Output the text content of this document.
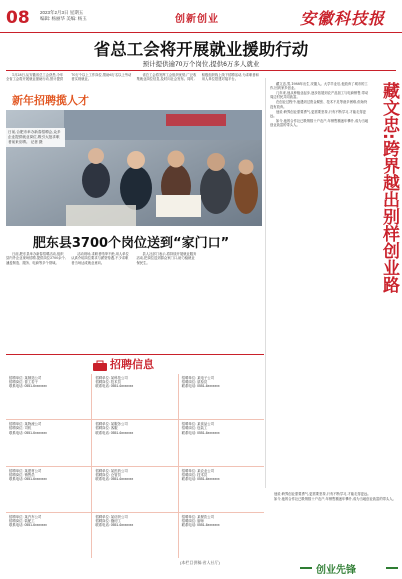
08 2023年2月3日 星期五
编辑: 杨丽华 美编: 杨玉	创新创业	安徽科技报
省总工会将开展就业援助行动
预计提供逾70万个岗位,提供6万多人就业

1月28日,从安徽省总工会获悉,今年全省工会将开展就业援助行动,预计提供70万个以上工作岗位,帮助6万名以上劳动者实现就业。

省总工会将发挥工会组织优势,广泛收集就业岗位信息,及时向社会发布。同时,积极组织线上线下招聘活动,为求职者和用人单位搭建对接平台。

新年招聘揽人才
日前,合肥市举办新春招聘会,众多企业提供就业岗位,吸引大批求职者前来应聘。 记者 摄

藏文忠,男,1988年出生,安徽人。大学毕业后,他放弃了城市的工作,回到家乡创业。

几年来,他从种植业起步,逐步拓展到农产品加工与电商销售,带动周边村民共同致富。

在创业过程中,他遇到过资金紧张、技术不足等诸多困难,但始终没有放弃。

他说:跨界创业需要勇气,更需要坚持,只有不断学习,才能走得更远。

如今,他的合作社已吸纳数十户农户,年销售额逐年攀升,成为当地创业致富的带头人。	藏文忠:跨界越出别样创业路
肥东县3700个岗位送到“家门口”

日前,肥东县举办新春招聘活动,组织县内外企业现场招聘,提供岗位3700余个,涵盖制造、服务、电商等多个领域。

活动现场,求职者络绎不绝,用人单位认真介绍岗位要求与薪资待遇,不少求职者当场达成就业意向。

县人社部门表示,将持续开展就业服务活动,把岗位送到群众家门口,助力稳就业保民生。

招聘信息
招聘单位: 某制造公司
招聘岗位: 普工若干
联系电话: 0551-6xxxxxxx
招聘单位: 某科技公司
招聘岗位: 技术员
联系电话: 0551-6xxxxxxx
招聘单位: 某电子公司
招聘岗位: 质检员
联系电话: 0551-6xxxxxxx
招聘单位: 某物流公司
招聘岗位: 司机
联系电话: 0551-6xxxxxxx
招聘单位: 某服务公司
招聘岗位: 客服
联系电话: 0551-6xxxxxxx
招聘单位: 某食品公司
招聘岗位: 包装工
联系电话: 0551-6xxxxxxx
招聘单位: 某建材公司
招聘岗位: 销售员
联系电话: 0551-6xxxxxxx
招聘单位: 某医药公司
招聘岗位: 仓管员
联系电话: 0551-6xxxxxxx
招聘单位: 某农业公司
招聘岗位: 技术员
联系电话: 0551-6xxxxxxx
招聘单位: 某汽车公司
招聘岗位: 装配工
联系电话: 0551-6xxxxxxx
招聘单位: 某纺织公司
招聘岗位: 缝纫工
联系电话: 0551-6xxxxxxx
招聘单位: 某餐饮公司
招聘岗位: 厨师
联系电话: 0551-6xxxxxxx
(本栏目供稿:省人社厅)

他说:跨界创业需要勇气,更需要坚持,只有不断学习,才能走得更远。

如今,他的合作社已吸纳数十户农户,年销售额逐年攀升,成为当地创业致富的带头人。

创业先锋
